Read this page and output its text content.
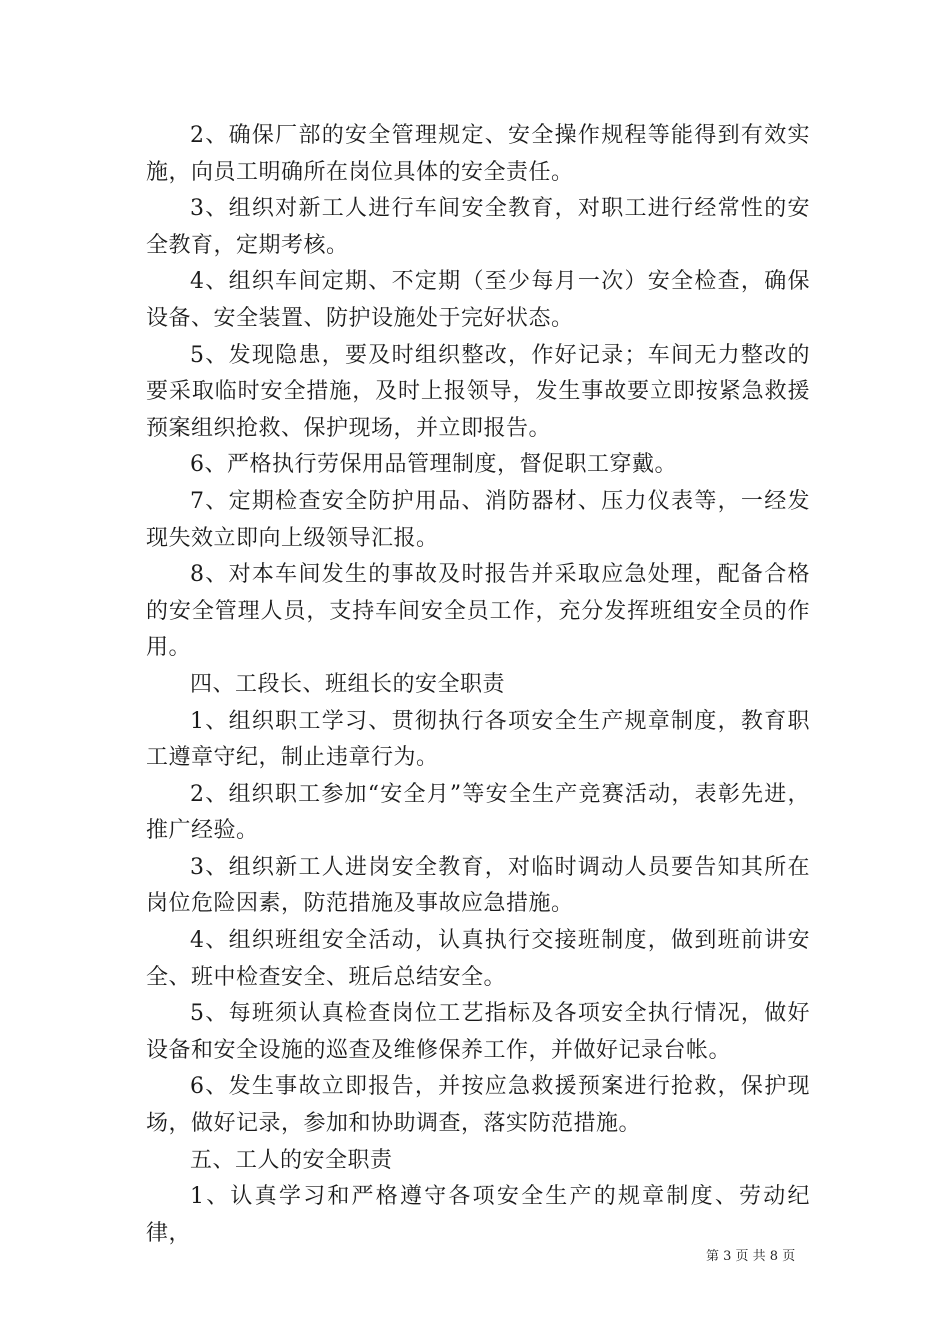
2、确保厂部的安全管理规定、安全操作规程等能得到有效实施，向员工明确所在岗位具体的安全责任。

3、组织对新工人进行车间安全教育，对职工进行经常性的安全教育，定期考核。

4、组织车间定期、不定期（至少每月一次）安全检查，确保设备、安全装置、防护设施处于完好状态。

5、发现隐患，要及时组织整改，作好记录；车间无力整改的要采取临时安全措施，及时上报领导，发生事故要立即按紧急救援预案组织抢救、保护现场，并立即报告。

6、严格执行劳保用品管理制度，督促职工穿戴。

7、定期检查安全防护用品、消防器材、压力仪表等，一经发现失效立即向上级领导汇报。

8、对本车间发生的事故及时报告并采取应急处理，配备合格的安全管理人员，支持车间安全员工作，充分发挥班组安全员的作用。

四、工段长、班组长的安全职责

1、组织职工学习、贯彻执行各项安全生产规章制度，教育职工遵章守纪，制止违章行为。

2、组织职工参加“安全月”等安全生产竞赛活动，表彰先进，推广经验。

3、组织新工人进岗安全教育，对临时调动人员要告知其所在岗位危险因素，防范措施及事故应急措施。

4、组织班组安全活动，认真执行交接班制度，做到班前讲安全、班中检查安全、班后总结安全。

5、每班须认真检查岗位工艺指标及各项安全执行情况，做好设备和安全设施的巡查及维修保养工作，并做好记录台帐。

6、发生事故立即报告，并按应急救援预案进行抢救，保护现场，做好记录，参加和协助调查，落实防范措施。

五、工人的安全职责

1、认真学习和严格遵守各项安全生产的规章制度、劳动纪律，

第 3 页 共 8 页
